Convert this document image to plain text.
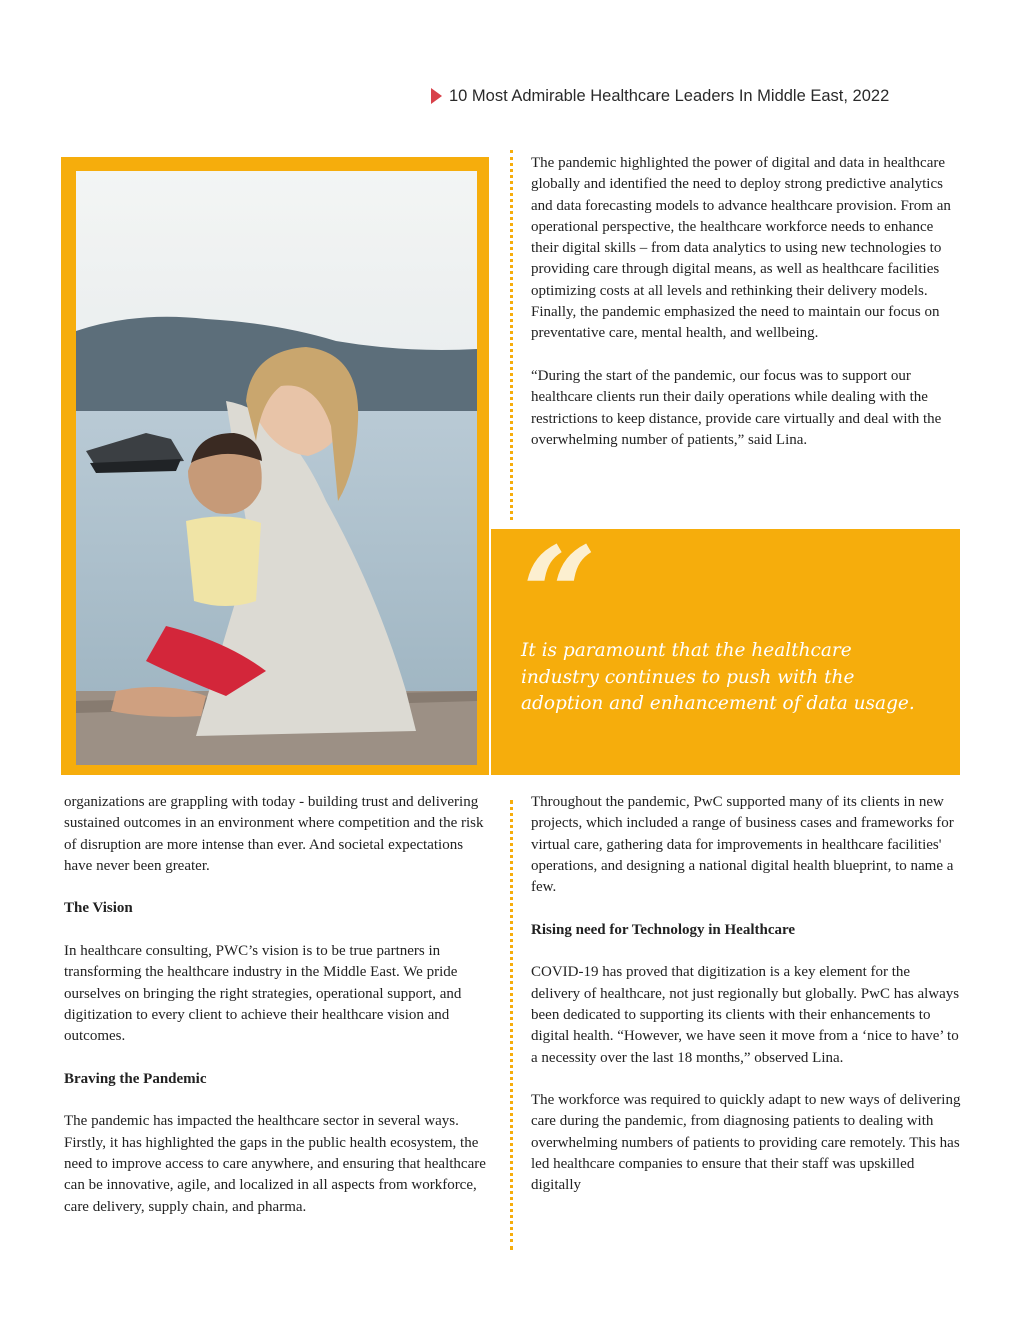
10 Most Admirable Healthcare Leaders In Middle East, 2022
“
It is paramount that the healthcare industry continues to push with the adoption and enhancement of data usage.

The pandemic highlighted the power of digital and data in healthcare globally and identified the need to deploy strong predictive analytics and data forecasting models to advance healthcare provision. From an operational perspective, the healthcare workforce needs to enhance their digital skills – from data analytics to using new technologies to providing care through digital means, as well as healthcare facilities optimizing costs at all levels and rethinking their delivery models. Finally, the pandemic emphasized the need to maintain our focus on preventative care, mental health, and wellbeing.

“During the start of the pandemic, our focus was to support our healthcare clients run their daily operations while dealing with the restrictions to keep distance, provide care virtually and deal with the overwhelming number of patients,” said Lina.

organizations are grappling with today - building trust and delivering sustained outcomes in an environment where competition and the risk of disruption are more intense than ever. And societal expectations have never been greater.

The Vision

In healthcare consulting, PWC’s vision is to be true partners in transforming the healthcare industry in the Middle East. We pride ourselves on bringing the right strategies, operational support, and digitization to every client to achieve their healthcare vision and outcomes.

Braving the Pandemic

The pandemic has impacted the healthcare sector in several ways. Firstly, it has highlighted the gaps in the public health ecosystem, the need to improve access to care anywhere, and ensuring that healthcare can be innovative, agile, and localized in all aspects from workforce, care delivery, supply chain, and pharma.

Throughout the pandemic, PwC supported many of its clients in new projects, which included a range of business cases and frameworks for virtual care, gathering data for improvements in healthcare facilities' operations, and designing a national digital health blueprint, to name a few.

Rising need for Technology in Healthcare

COVID-19 has proved that digitization is a key element for the delivery of healthcare, not just regionally but globally. PwC has always been dedicated to supporting its clients with their enhancements to digital health. “However, we have seen it move from a ‘nice to have’ to a necessity over the last 18 months,” observed Lina.

The workforce was required to quickly adapt to new ways of delivering care during the pandemic, from diagnosing patients to dealing with overwhelming numbers of patients to providing care remotely. This has led healthcare companies to ensure that their staff was upskilled digitally
